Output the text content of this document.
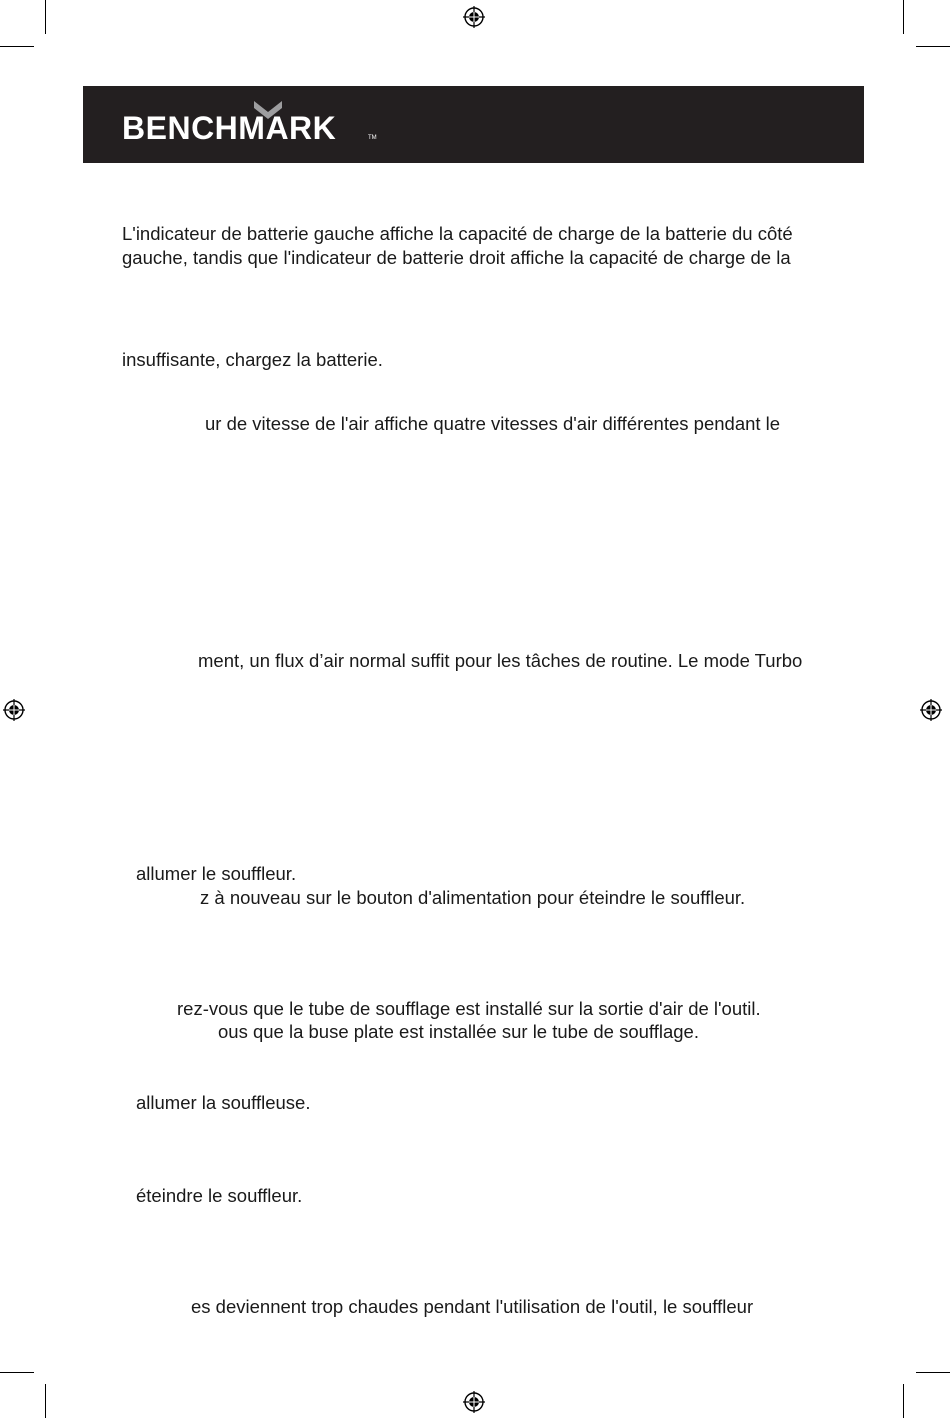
BENCHMARK	TM
L'indicateur de batterie gauche affiche la capacité de charge de la batterie du côté
gauche, tandis que l'indicateur de batterie droit affiche la capacité de charge de la
insuffisante, chargez la batterie.
ur de vitesse de l'air affiche quatre vitesses d'air différentes pendant le
ment, un flux d’air normal suffit pour les tâches de routine. Le mode Turbo
allumer le souffleur.
z à nouveau sur le bouton d'alimentation pour éteindre le souffleur.
rez-vous que le tube de soufflage est installé sur la sortie d'air de l'outil.
ous que la buse plate est installée sur le tube de soufflage.
allumer la souffleuse.
éteindre le souffleur.
es deviennent trop chaudes pendant l'utilisation de l'outil, le souffleur
